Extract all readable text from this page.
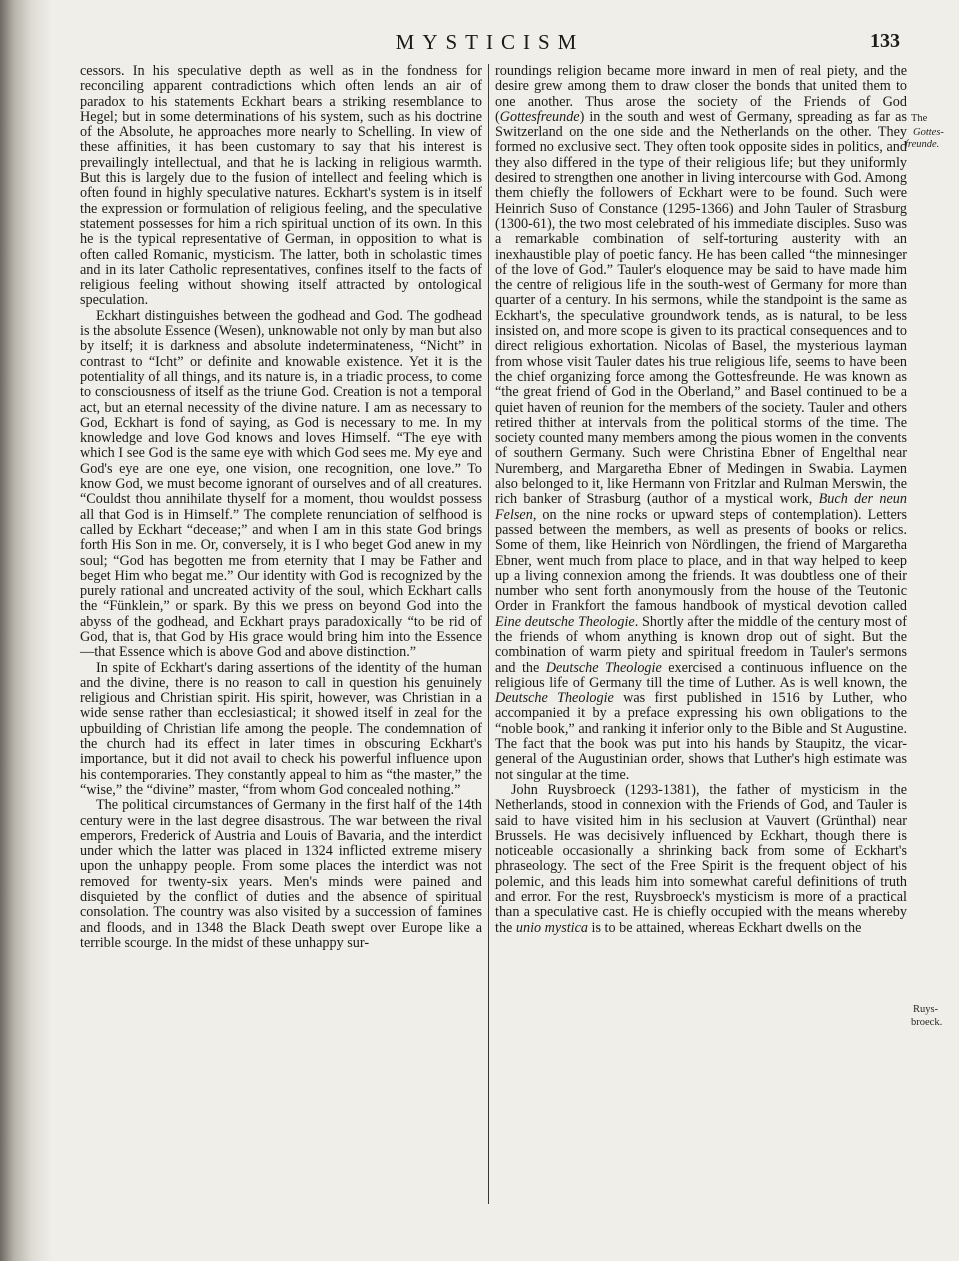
MYSTICISM	133

cessors. In his speculative depth as well as in the fondness for reconciling apparent contradictions which often lends an air of paradox to his statements Eckhart bears a striking resemblance to Hegel; but in some determinations of his system, such as his doctrine of the Absolute, he approaches more nearly to Schelling. In view of these affinities, it has been customary to say that his interest is prevailingly intellectual, and that he is lacking in religious warmth. But this is largely due to the fusion of intellect and feeling which is often found in highly speculative natures. Eckhart's system is in itself the expression or formulation of religious feeling, and the speculative statement possesses for him a rich spiritual unction of its own. In this he is the typical representative of German, in opposition to what is often called Romanic, mysticism. The latter, both in scholastic times and in its later Catholic representatives, confines itself to the facts of religious feeling without showing itself attracted by ontological speculation.

Eckhart distinguishes between the godhead and God. The godhead is the absolute Essence (Wesen), unknowable not only by man but also by itself; it is darkness and absolute indeterminateness, “Nicht” in contrast to “Icht” or definite and knowable existence. Yet it is the potentiality of all things, and its nature is, in a triadic process, to come to consciousness of itself as the triune God. Creation is not a temporal act, but an eternal necessity of the divine nature. I am as necessary to God, Eckhart is fond of saying, as God is necessary to me. In my knowledge and love God knows and loves Himself. “The eye with which I see God is the same eye with which God sees me. My eye and God's eye are one eye, one vision, one recognition, one love.” To know God, we must become ignorant of ourselves and of all creatures. “Couldst thou annihilate thyself for a moment, thou wouldst possess all that God is in Himself.” The complete renunciation of selfhood is called by Eckhart “decease;” and when I am in this state God brings forth His Son in me. Or, conversely, it is I who beget God anew in my soul; “God has begotten me from eternity that I may be Father and beget Him who begat me.” Our identity with God is recognized by the purely rational and uncreated activity of the soul, which Eckhart calls the “Fünklein,” or spark. By this we press on beyond God into the abyss of the godhead, and Eckhart prays paradoxically “to be rid of God, that is, that God by His grace would bring him into the Essence—that Essence which is above God and above distinction.”

In spite of Eckhart's daring assertions of the identity of the human and the divine, there is no reason to call in question his genuinely religious and Christian spirit. His spirit, however, was Christian in a wide sense rather than ecclesiastical; it showed itself in zeal for the upbuilding of Christian life among the people. The condemnation of the church had its effect in later times in obscuring Eckhart's importance, but it did not avail to check his powerful influence upon his contemporaries. They constantly appeal to him as “the master,” the “wise,” the “divine” master, “from whom God concealed nothing.”

The political circumstances of Germany in the first half of the 14th century were in the last degree disastrous. The war between the rival emperors, Frederick of Austria and Louis of Bavaria, and the interdict under which the latter was placed in 1324 inflicted extreme misery upon the unhappy people. From some places the interdict was not removed for twenty-six years. Men's minds were pained and disquieted by the conflict of duties and the absence of spiritual consolation. The country was also visited by a succession of famines and floods, and in 1348 the Black Death swept over Europe like a terrible scourge. In the midst of these unhappy sur-

roundings religion became more inward in men of real piety, and the desire grew among them to draw closer the bonds that united them to one another. Thus arose the society of the Friends of God (Gottesfreunde) in the south and west of Germany, spreading as far as Switzerland on the one side and the Netherlands on the other. They formed no exclusive sect. They often took opposite sides in politics, and they also differed in the type of their religious life; but they uniformly desired to strengthen one another in living intercourse with God. Among them chiefly the followers of Eckhart were to be found. Such were Heinrich Suso of Constance (1295-1366) and John Tauler of Strasburg (1300-61), the two most celebrated of his immediate disciples. Suso was a remarkable combination of self-torturing austerity with an inexhaustible play of poetic fancy. He has been called “the minnesinger of the love of God.” Tauler's eloquence may be said to have made him the centre of religious life in the south-west of Germany for more than quarter of a century. In his sermons, while the standpoint is the same as Eckhart's, the speculative groundwork tends, as is natural, to be less insisted on, and more scope is given to its practical consequences and to direct religious exhortation. Nicolas of Basel, the mysterious layman from whose visit Tauler dates his true religious life, seems to have been the chief organizing force among the Gottesfreunde. He was known as “the great friend of God in the Oberland,” and Basel continued to be a quiet haven of reunion for the members of the society. Tauler and others retired thither at intervals from the political storms of the time. The society counted many members among the pious women in the convents of southern Germany. Such were Christina Ebner of Engelthal near Nuremberg, and Margaretha Ebner of Medingen in Swabia. Laymen also belonged to it, like Hermann von Fritzlar and Rulman Merswin, the rich banker of Strasburg (author of a mystical work, Buch der neun Felsen, on the nine rocks or upward steps of contemplation). Letters passed between the members, as well as presents of books or relics. Some of them, like Heinrich von Nördlingen, the friend of Margaretha Ebner, went much from place to place, and in that way helped to keep up a living connexion among the friends. It was doubtless one of their number who sent forth anonymously from the house of the Teutonic Order in Frankfort the famous handbook of mystical devotion called Eine deutsche Theologie. Shortly after the middle of the century most of the friends of whom anything is known drop out of sight. But the combination of warm piety and spiritual freedom in Tauler's sermons and the Deutsche Theologie exercised a continuous influence on the religious life of Germany till the time of Luther. As is well known, the Deutsche Theologie was first published in 1516 by Luther, who accompanied it by a preface expressing his own obligations to the “noble book,” and ranking it inferior only to the Bible and St Augustine. The fact that the book was put into his hands by Staupitz, the vicar-general of the Augustinian order, shows that Luther's high estimate was not singular at the time.

John Ruysbroeck (1293-1381), the father of mysticism in the Netherlands, stood in connexion with the Friends of God, and Tauler is said to have visited him in his seclusion at Vauvert (Grünthal) near Brussels. He was decisively influenced by Eckhart, though there is noticeable occasionally a shrinking back from some of Eckhart's phraseology. The sect of the Free Spirit is the frequent object of his polemic, and this leads him into somewhat careful definitions of truth and error. For the rest, Ruysbroeck's mysticism is more of a practical than a speculative cast. He is chiefly occupied with the means whereby the unio mystica is to be attained, whereas Eckhart dwells on the

The
Gottes-
freunde.
Ruys-
broeck.
